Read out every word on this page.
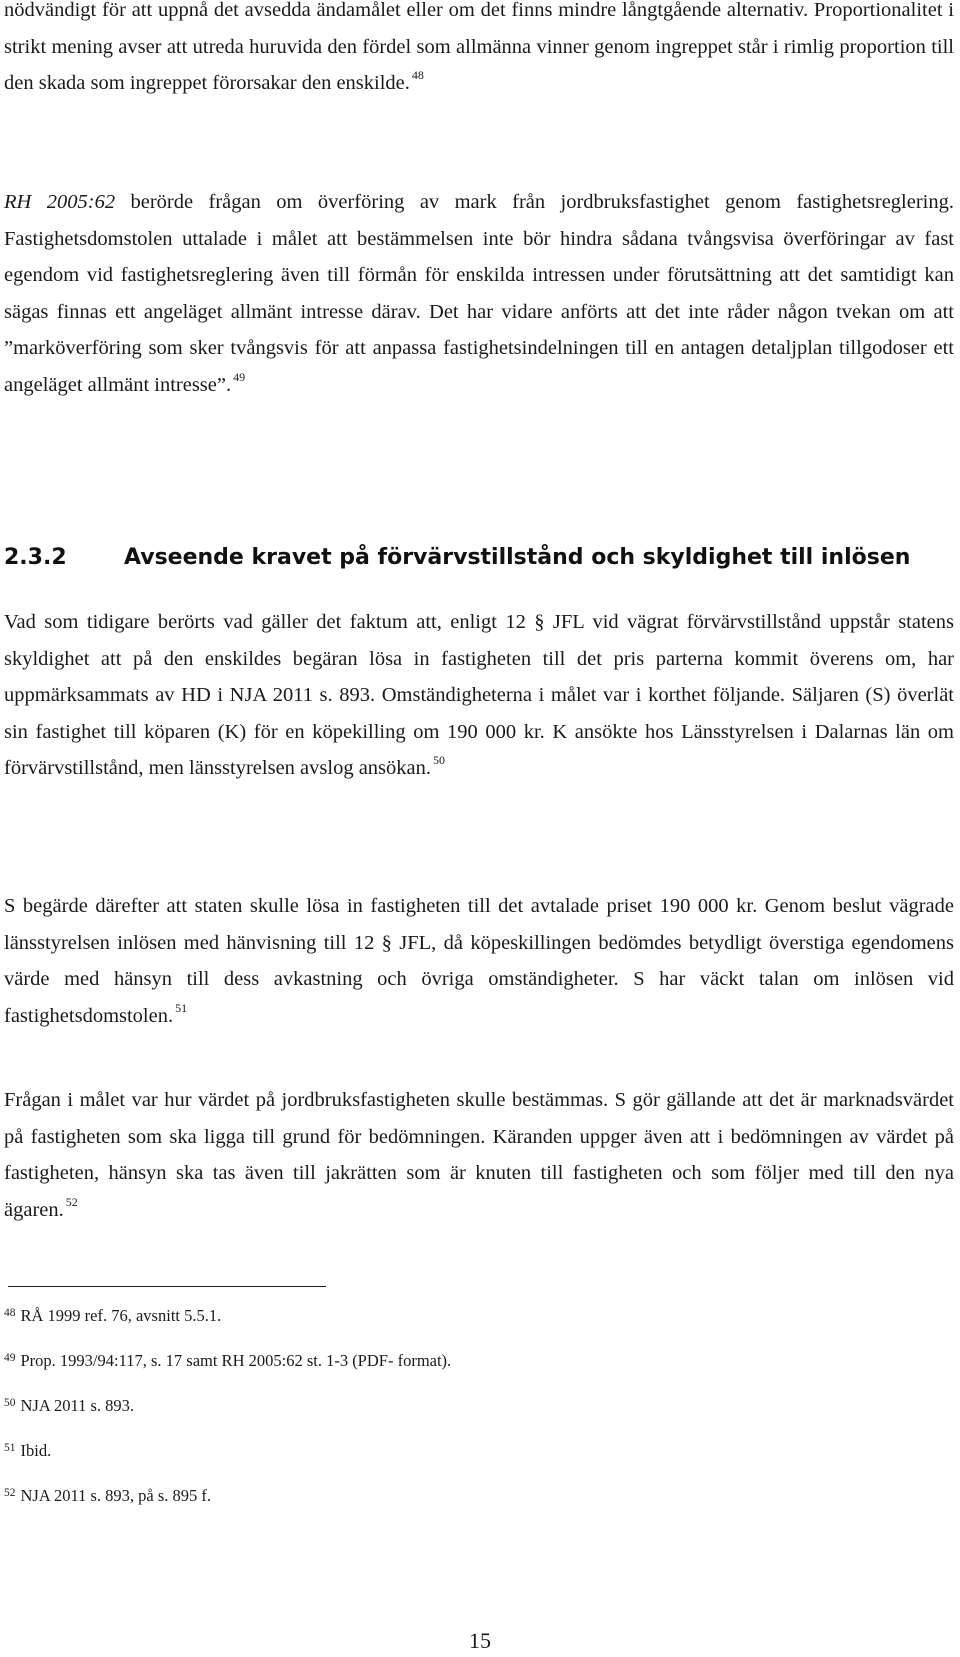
nödvändigt för att uppnå det avsedda ändamålet eller om det finns mindre långtgående alternativ. Proportionalitet i strikt mening avser att utreda huruvida den fördel som allmänna vinner genom ingreppet står i rimlig proportion till den skada som ingreppet förorsakar den enskilde. $^{48}$

RH 2005:62 berörde frågan om överföring av mark från jordbruksfastighet genom fastighetsreglering. Fastighetsdomstolen uttalade i målet att bestämmelsen inte bör hindra sådana tvångsvisa överföringar av fast egendom vid fastighetsreglering även till förmån för enskilda intressen under förutsättning att det samtidigt kan sägas finnas ett angeläget allmänt intresse därav. Det har vidare anförts att det inte råder någon tvekan om att ”marköverföring som sker tvångsvis för att anpassa fastighetsindelningen till en antagen detaljplan tillgodoser ett angeläget allmänt intresse”. $^{49}$

2.3.2	Avseende kravet på förvärvstillstånd och skyldighet till inlösen

Vad som tidigare berörts vad gäller det faktum att, enligt 12 § JFL vid vägrat förvärvstillstånd uppstår statens skyldighet att på den enskildes begäran lösa in fastigheten till det pris parterna kommit överens om, har uppmärksammats av HD i NJA 2011 s. 893. Omständigheterna i målet var i korthet följande. Säljaren (S) överlät sin fastighet till köparen (K) för en köpekilling om 190 000 kr. K ansökte hos Länsstyrelsen i Dalarnas län om förvärvstillstånd, men länsstyrelsen avslog ansökan. $^{50}$

S begärde därefter att staten skulle lösa in fastigheten till det avtalade priset 190 000 kr. Genom beslut vägrade länsstyrelsen inlösen med hänvisning till 12 § JFL, då köpeskillingen bedömdes betydligt överstiga egendomens värde med hänsyn till dess avkastning och övriga omständigheter. S har väckt talan om inlösen vid fastighetsdomstolen. $^{51}$

Frågan i målet var hur värdet på jordbruksfastigheten skulle bestämmas. S gör gällande att det är marknadsvärdet på fastigheten som ska ligga till grund för bedömningen. Käranden uppger även att i bedömningen av värdet på fastigheten, hänsyn ska tas även till jakrätten som är knuten till fastigheten och som följer med till den nya ägaren. $^{52}$

$^{48}$ RÅ 1999 ref. 76, avsnitt 5.5.1.
$^{49}$ Prop. 1993/94:117, s. 17 samt RH 2005:62 st. 1-3 (PDF- format).
$^{50}$ NJA 2011 s. 893.
$^{51}$ Ibid.
$^{52}$ NJA 2011 s. 893, på s. 895 f.
15
